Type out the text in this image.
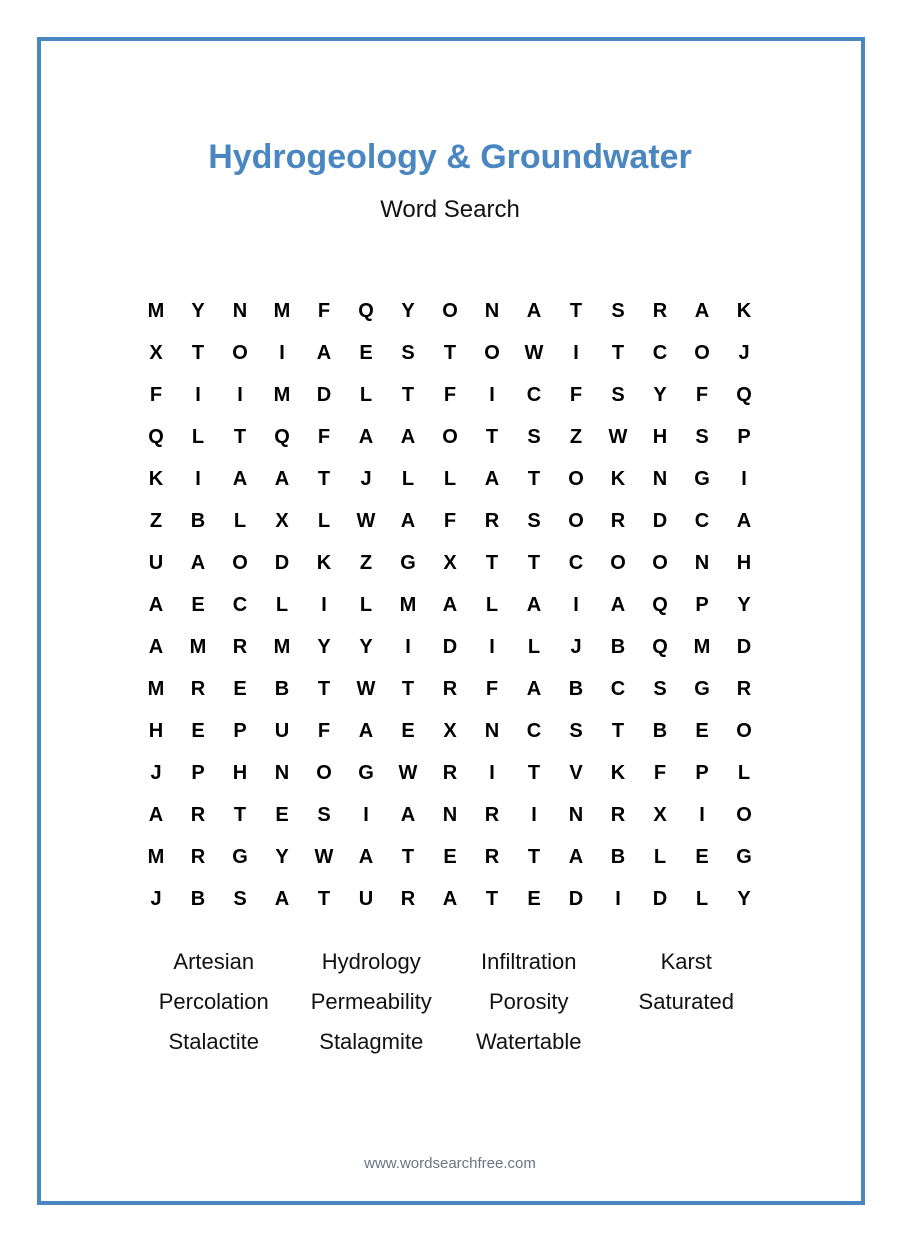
Hydrogeology & Groundwater
Word Search
M	Y	N	M	F	Q	Y	O	N	A	T	S	R	A	K
X	T	O	I	A	E	S	T	O	W	I	T	C	O	J
F	I	I	M	D	L	T	F	I	C	F	S	Y	F	Q
Q	L	T	Q	F	A	A	O	T	S	Z	W	H	S	P
K	I	A	A	T	J	L	L	A	T	O	K	N	G	I
Z	B	L	X	L	W	A	F	R	S	O	R	D	C	A
U	A	O	D	K	Z	G	X	T	T	C	O	O	N	H
A	E	C	L	I	L	M	A	L	A	I	A	Q	P	Y
A	M	R	M	Y	Y	I	D	I	L	J	B	Q	M	D
M	R	E	B	T	W	T	R	F	A	B	C	S	G	R
H	E	P	U	F	A	E	X	N	C	S	T	B	E	O
J	P	H	N	O	G	W	R	I	T	V	K	F	P	L
A	R	T	E	S	I	A	N	R	I	N	R	X	I	O
M	R	G	Y	W	A	T	E	R	T	A	B	L	E	G
J	B	S	A	T	U	R	A	T	E	D	I	D	L	Y
Artesian	Hydrology	Infiltration	Karst
Percolation	Permeability	Porosity	Saturated
Stalactite	Stalagmite	Watertable
www.wordsearchfree.com
